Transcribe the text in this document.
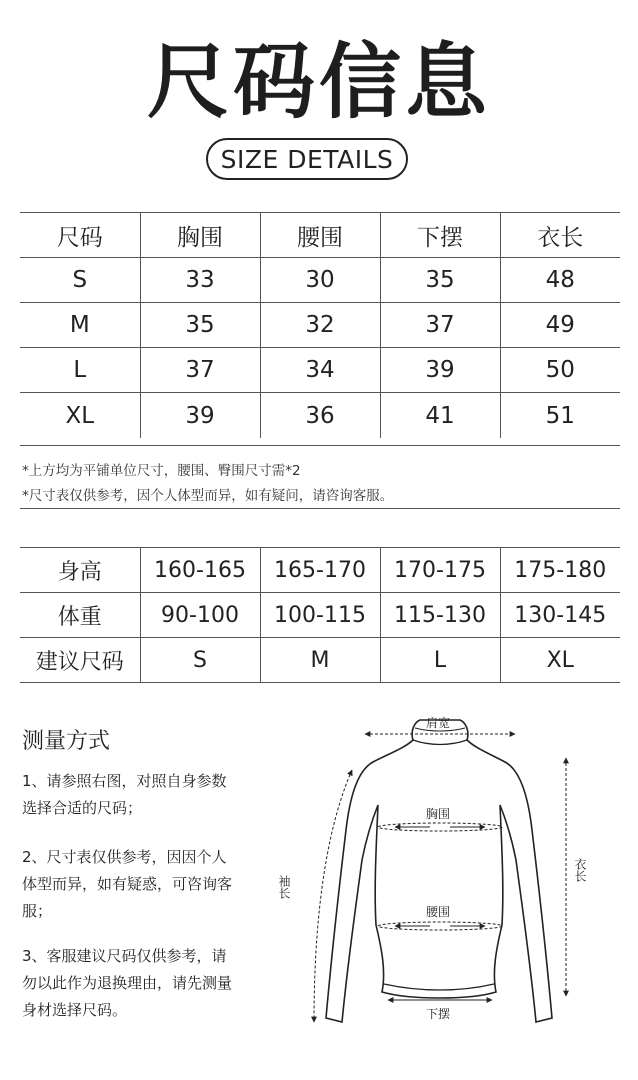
尺码信息
SIZE DETAILS
尺码	胸围	腰围	下摆	衣长
S	33	30	35	48
M	35	32	37	49
L	37	34	39	50
XL	39	36	41	51
*上方均为平铺单位尺寸，腰围、臀围尺寸需*2
*尺寸表仅供参考，因个人体型而异，如有疑问，请咨询客服。
身高	160-165	165-170	170-175	175-180
体重	90-100	100-115	115-130	130-145
建议尺码	S	M	L	XL
测量方式
1、请参照右图，对照自身参数选择合适的尺码；
2、尺寸表仅供参考，因因个人体型而异，如有疑惑，可咨询客服；
3、客服建议尺码仅供参考，请勿以此作为退换理由，请先测量身材选择尺码。
肩宽
胸围
腰围
下摆
袖长
衣长
